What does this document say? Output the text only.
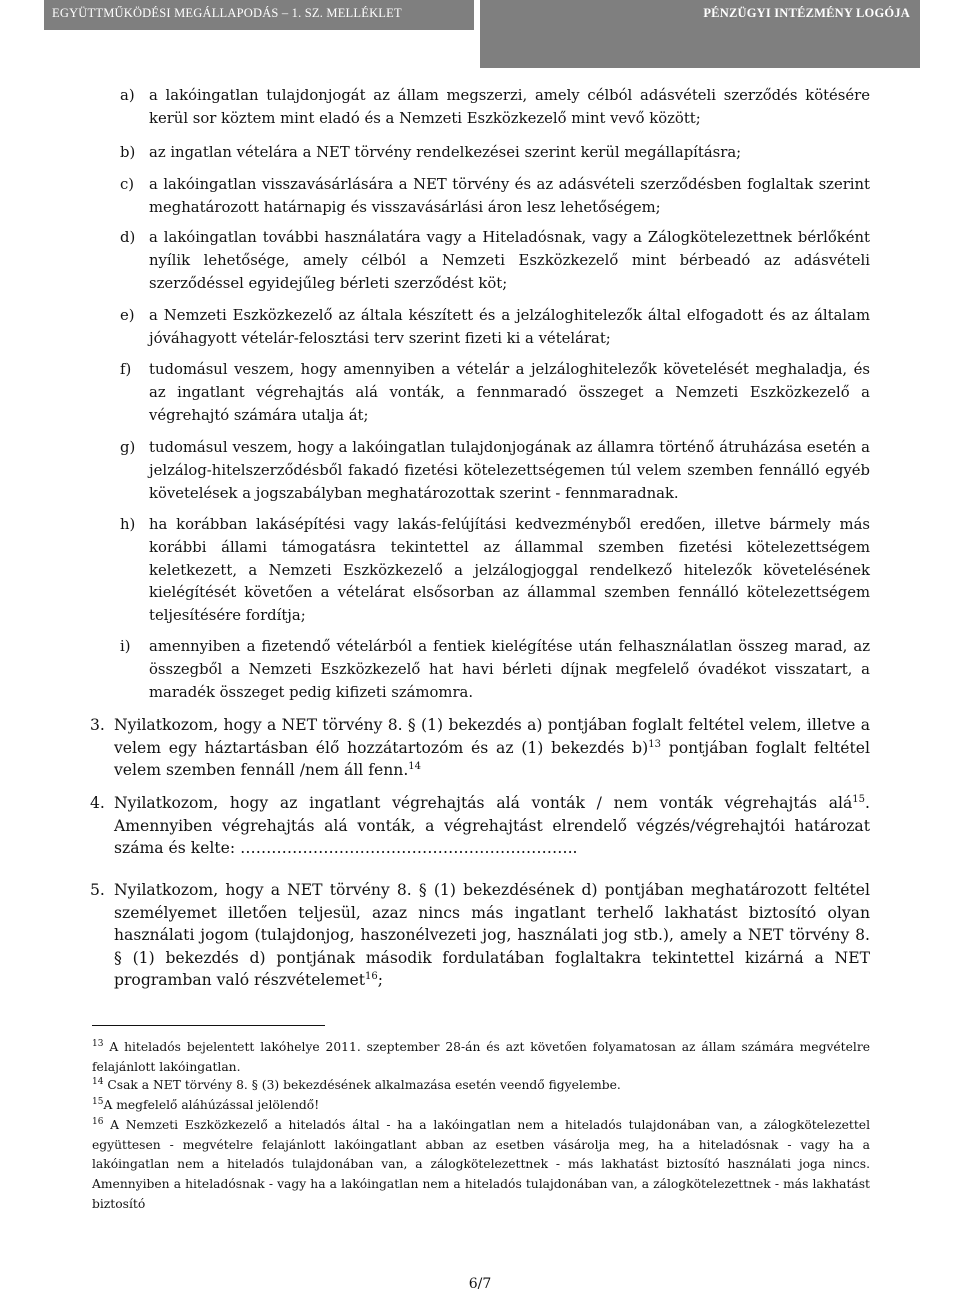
EGYÜTTMŰKÖDÉSI MEGÁLLAPODÁS – 1. SZ. MELLÉKLET	PÉNZÜGYI INTÉZMÉNY LOGÓJA
a) a lakóingatlan tulajdonjogát az állam megszerzi, amely célból adásvételi szerződés kötésére kerül sor köztem mint eladó és a Nemzeti Eszközkezelő mint vevő között;
b) az ingatlan vételára a NET törvény rendelkezései szerint kerül megállapításra;
c) a lakóingatlan visszavásárlására a NET törvény és az adásvételi szerződésben foglaltak szerint meghatározott határnapig és visszavásárlási áron lesz lehetőségem;
d) a lakóingatlan további használatára vagy a Hiteladósnak, vagy a Zálogkötelezettnek bérlőként nyílik lehetősége, amely célból a Nemzeti Eszközkezelő mint bérbeadó az adásvételi szerződéssel egyidejűleg bérleti szerződést köt;
e) a Nemzeti Eszközkezelő az általa készített és a jelzáloghitelezők által elfogadott és az általam jóváhagyott vételár-felosztási terv szerint fizeti ki a vételárat;
f) tudomásul veszem, hogy amennyiben a vételár a jelzáloghitelezők követelését meghaladja, és az ingatlant végrehajtás alá vonták, a fennmaradó összeget a Nemzeti Eszközkezelő a végrehajtó számára utalja át;
g) tudomásul veszem, hogy a lakóingatlan tulajdonjogának az államra történő átruházása esetén a jelzálog-hitelszerződésből fakadó fizetési kötelezettségemen túl velem szemben fennálló egyéb követelések a jogszabályban meghatározottak szerint - fennmaradnak.
h) ha korábban lakásépítési vagy lakás-felújítási kedvezményből eredően, illetve bármely más korábbi állami támogatásra tekintettel az állammal szemben fizetési kötelezettségem keletkezett, a Nemzeti Eszközkezelő a jelzálogjoggal rendelkező hitelezők követelésének kielégítését követően a vételárat elsősorban az állammal szemben fennálló kötelezettségem teljesítésére fordítja;
i) amennyiben a fizetendő vételárból a fentiek kielégítése után felhasználatlan összeg marad, az összegből a Nemzeti Eszközkezelő hat havi bérleti díjnak megfelelő óvadékot visszatart, a maradék összeget pedig kifizeti számomra.
3. Nyilatkozom, hogy a NET törvény 8. § (1) bekezdés a) pontjában foglalt feltétel velem, illetve a velem egy háztartásban élő hozzátartozóm és az (1) bekezdés b)$^{13}$ pontjában foglalt feltétel velem szemben fennáll /nem áll fenn.$^{14}$
4. Nyilatkozom, hogy az ingatlant végrehajtás alá vonták / nem vonták végrehajtás alá$^{15}$. Amennyiben végrehajtás alá vonták, a végrehajtást elrendelő végzés/végrehajtói határozat száma és kelte: ………………………………………………………..
5. Nyilatkozom, hogy a NET törvény 8. § (1) bekezdésének d) pontjában meghatározott feltétel személyemet illetően teljesül, azaz nincs más ingatlant terhelő lakhatást biztosító olyan használati jogom (tulajdonjog, haszonélvezeti jog, használati jog stb.), amely a NET törvény 8. § (1) bekezdés d) pontjának második fordulatában foglaltakra tekintettel kizárná a NET programban való részvételemet$^{16}$;
$^{13}$ A hiteladós bejelentett lakóhelye 2011. szeptember 28-án és azt követően folyamatosan az állam számára megvételre felajánlott lakóingatlan.
$^{14}$ Csak a NET törvény 8. § (3) bekezdésének alkalmazása esetén veendő figyelembe.
$^{15}$A megfelelő aláhúzással jelölendő!
$^{16}$ A Nemzeti Eszközkezelő a hiteladós által - ha a lakóingatlan nem a hiteladós tulajdonában van, a zálogkötelezettel együttesen - megvételre felajánlott lakóingatlant abban az esetben vásárolja meg, ha a hiteladósnak - vagy ha a lakóingatlan nem a hiteladós tulajdonában van, a zálogkötelezettnek - más lakhatást biztosító használati joga nincs. Amennyiben a hiteladósnak - vagy ha a lakóingatlan nem a hiteladós tulajdonában van, a zálogkötelezettnek - más lakhatást biztosító
6/7
